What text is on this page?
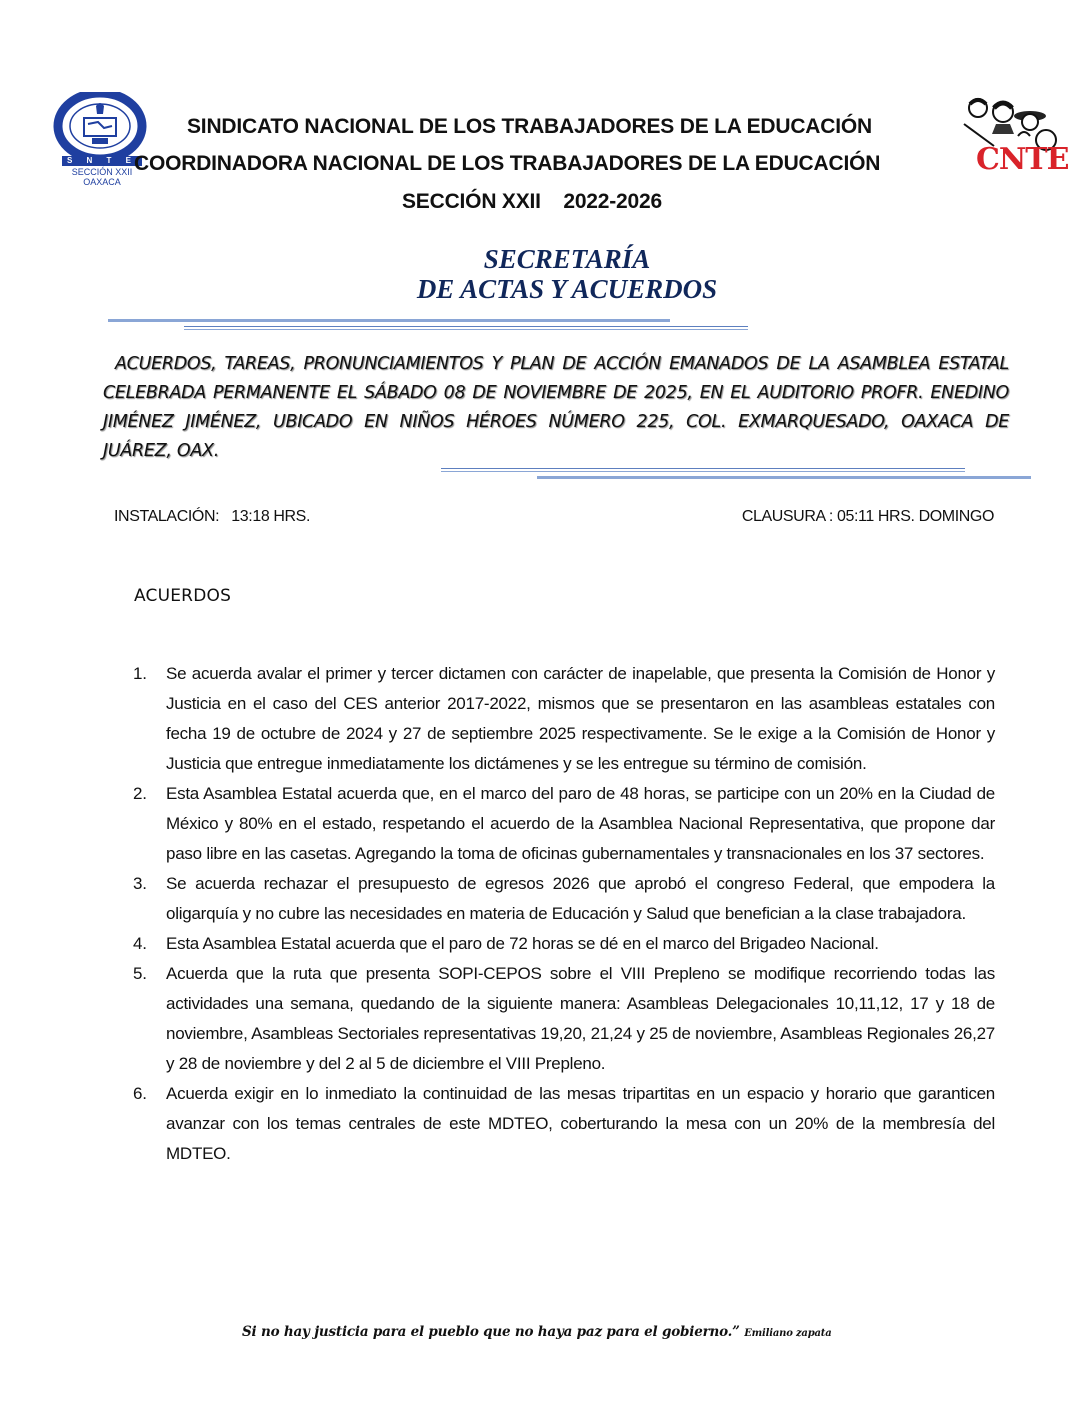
S N T E
SECCIÓN XXII
OAXACA
CNTE
SINDICATO NACIONAL DE LOS TRABAJADORES DE LA EDUCACIÓN
COORDINADORA NACIONAL DE LOS TRABAJADORES DE LA EDUCACIÓN
SECCIÓN XXII    2022-2026
SECRETARÍA
DE ACTAS Y ACUERDOS
ACUERDOS, TAREAS, PRONUNCIAMIENTOS Y PLAN DE ACCIÓN EMANADOS DE LA ASAMBLEA ESTATAL CELEBRADA PERMANENTE EL SÁBADO 08 DE NOVIEMBRE DE 2025, EN EL AUDITORIO PROFR. ENEDINO JIMÉNEZ JIMÉNEZ, UBICADO EN NIÑOS HÉROES NÚMERO 225, COL. EXMARQUESADO, OAXACA DE JUÁREZ, OAX.
INSTALACIÓN:   13:18 HRS.	CLAUSURA : 05:11 HRS. DOMINGO
ACUERDOS
1. Se acuerda avalar el primer y tercer dictamen con carácter de inapelable, que presenta la Comisión de Honor y Justicia en el caso del CES anterior 2017-2022, mismos que se presentaron en las asambleas estatales con fecha 19 de octubre de 2024 y 27 de septiembre 2025 respectivamente. Se le exige a la Comisión de Honor y Justicia que entregue inmediatamente los dictámenes y se les entregue su término de comisión.
2. Esta Asamblea Estatal acuerda que, en el marco del paro de 48 horas, se participe con un 20% en la Ciudad de México y 80% en el estado, respetando el acuerdo de la Asamblea Nacional Representativa, que propone dar paso libre en las casetas. Agregando la toma de oficinas gubernamentales y transnacionales en los 37 sectores.
3. Se acuerda rechazar el presupuesto de egresos 2026 que aprobó el congreso Federal, que empodera la oligarquía y no cubre las necesidades en materia de Educación y Salud que benefician a la clase trabajadora.
4. Esta Asamblea Estatal acuerda que el paro de 72 horas se dé en el marco del Brigadeo Nacional.
5. Acuerda que la ruta que presenta SOPI-CEPOS sobre el VIII Prepleno se modifique recorriendo todas las actividades una semana, quedando de la siguiente manera: Asambleas Delegacionales 10,11,12, 17 y 18 de noviembre, Asambleas Sectoriales representativas 19,20, 21,24 y 25 de noviembre, Asambleas Regionales 26,27 y 28 de noviembre y del 2 al 5 de diciembre el VIII Prepleno.
6. Acuerda exigir en lo inmediato la continuidad de las mesas tripartitas en un espacio y horario que garanticen avanzar con los temas centrales de este MDTEO, coberturando la mesa con un 20% de la membresía del MDTEO.
Si no hay justicia para el pueblo que no haya paz para el gobierno.” Emiliano zapata
